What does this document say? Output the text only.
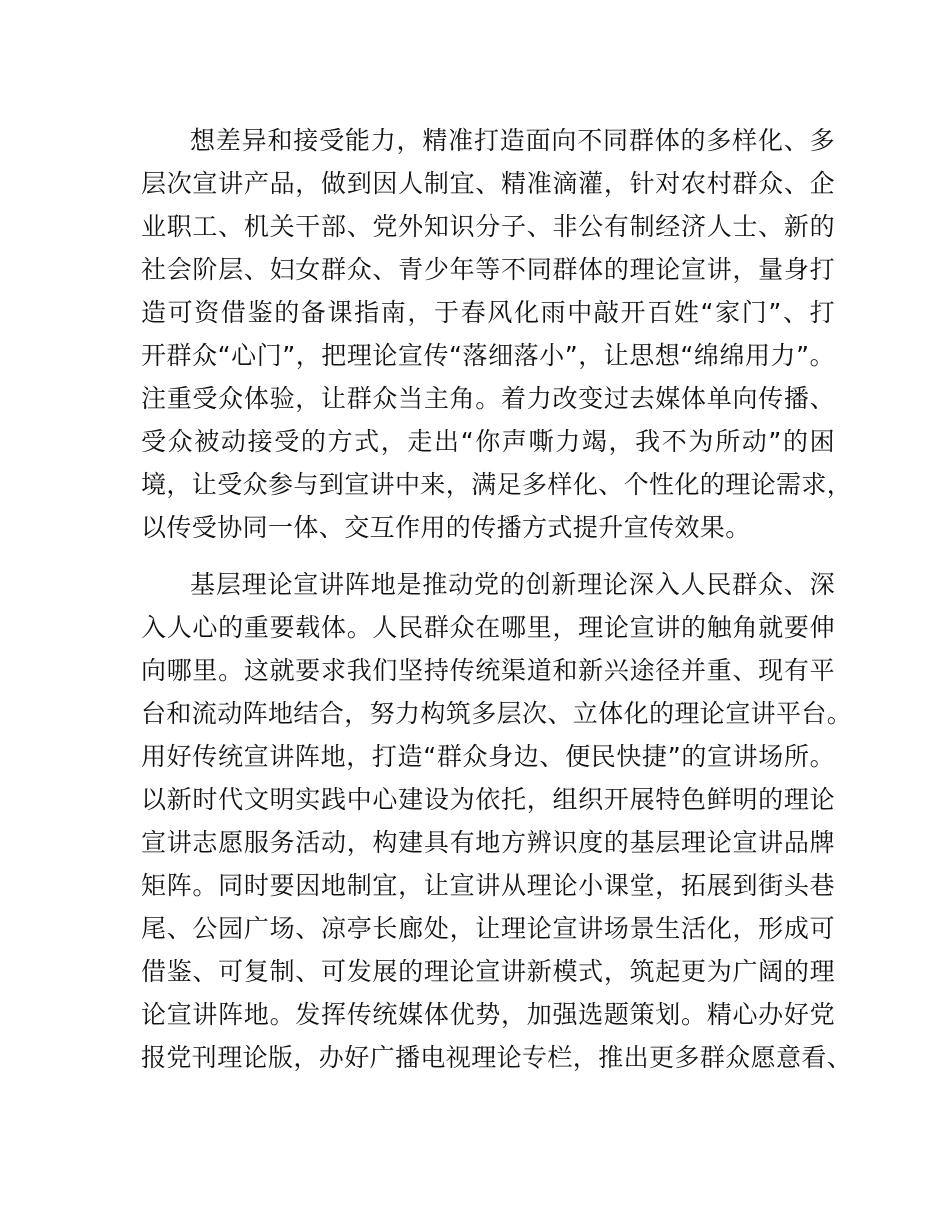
想差异和接受能力，精准打造面向不同群体的多样化、多
层次宣讲产品，做到因人制宜、精准滴灌，针对农村群众、企
业职工、机关干部、党外知识分子、非公有制经济人士、新的
社会阶层、妇女群众、青少年等不同群体的理论宣讲，量身打
造可资借鉴的备课指南，于春风化雨中敲开百姓“家门”、打
开群众“心门”，把理论宣传“落细落小”，让思想“绵绵用力”。
注重受众体验，让群众当主角。着力改变过去媒体单向传播、
受众被动接受的方式，走出“你声嘶力竭，我不为所动”的困
境，让受众参与到宣讲中来，满足多样化、个性化的理论需求，
以传受协同一体、交互作用的传播方式提升宣传效果。
基层理论宣讲阵地是推动党的创新理论深入人民群众、深
入人心的重要载体。人民群众在哪里，理论宣讲的触角就要伸
向哪里。这就要求我们坚持传统渠道和新兴途径并重、现有平
台和流动阵地结合，努力构筑多层次、立体化的理论宣讲平台。
用好传统宣讲阵地，打造“群众身边、便民快捷”的宣讲场所。
以新时代文明实践中心建设为依托，组织开展特色鲜明的理论
宣讲志愿服务活动，构建具有地方辨识度的基层理论宣讲品牌
矩阵。同时要因地制宜，让宣讲从理论小课堂，拓展到街头巷
尾、公园广场、凉亭长廊处，让理论宣讲场景生活化，形成可
借鉴、可复制、可发展的理论宣讲新模式，筑起更为广阔的理
论宣讲阵地。发挥传统媒体优势，加强选题策划。精心办好党
报党刊理论版，办好广播电视理论专栏，推出更多群众愿意看、
